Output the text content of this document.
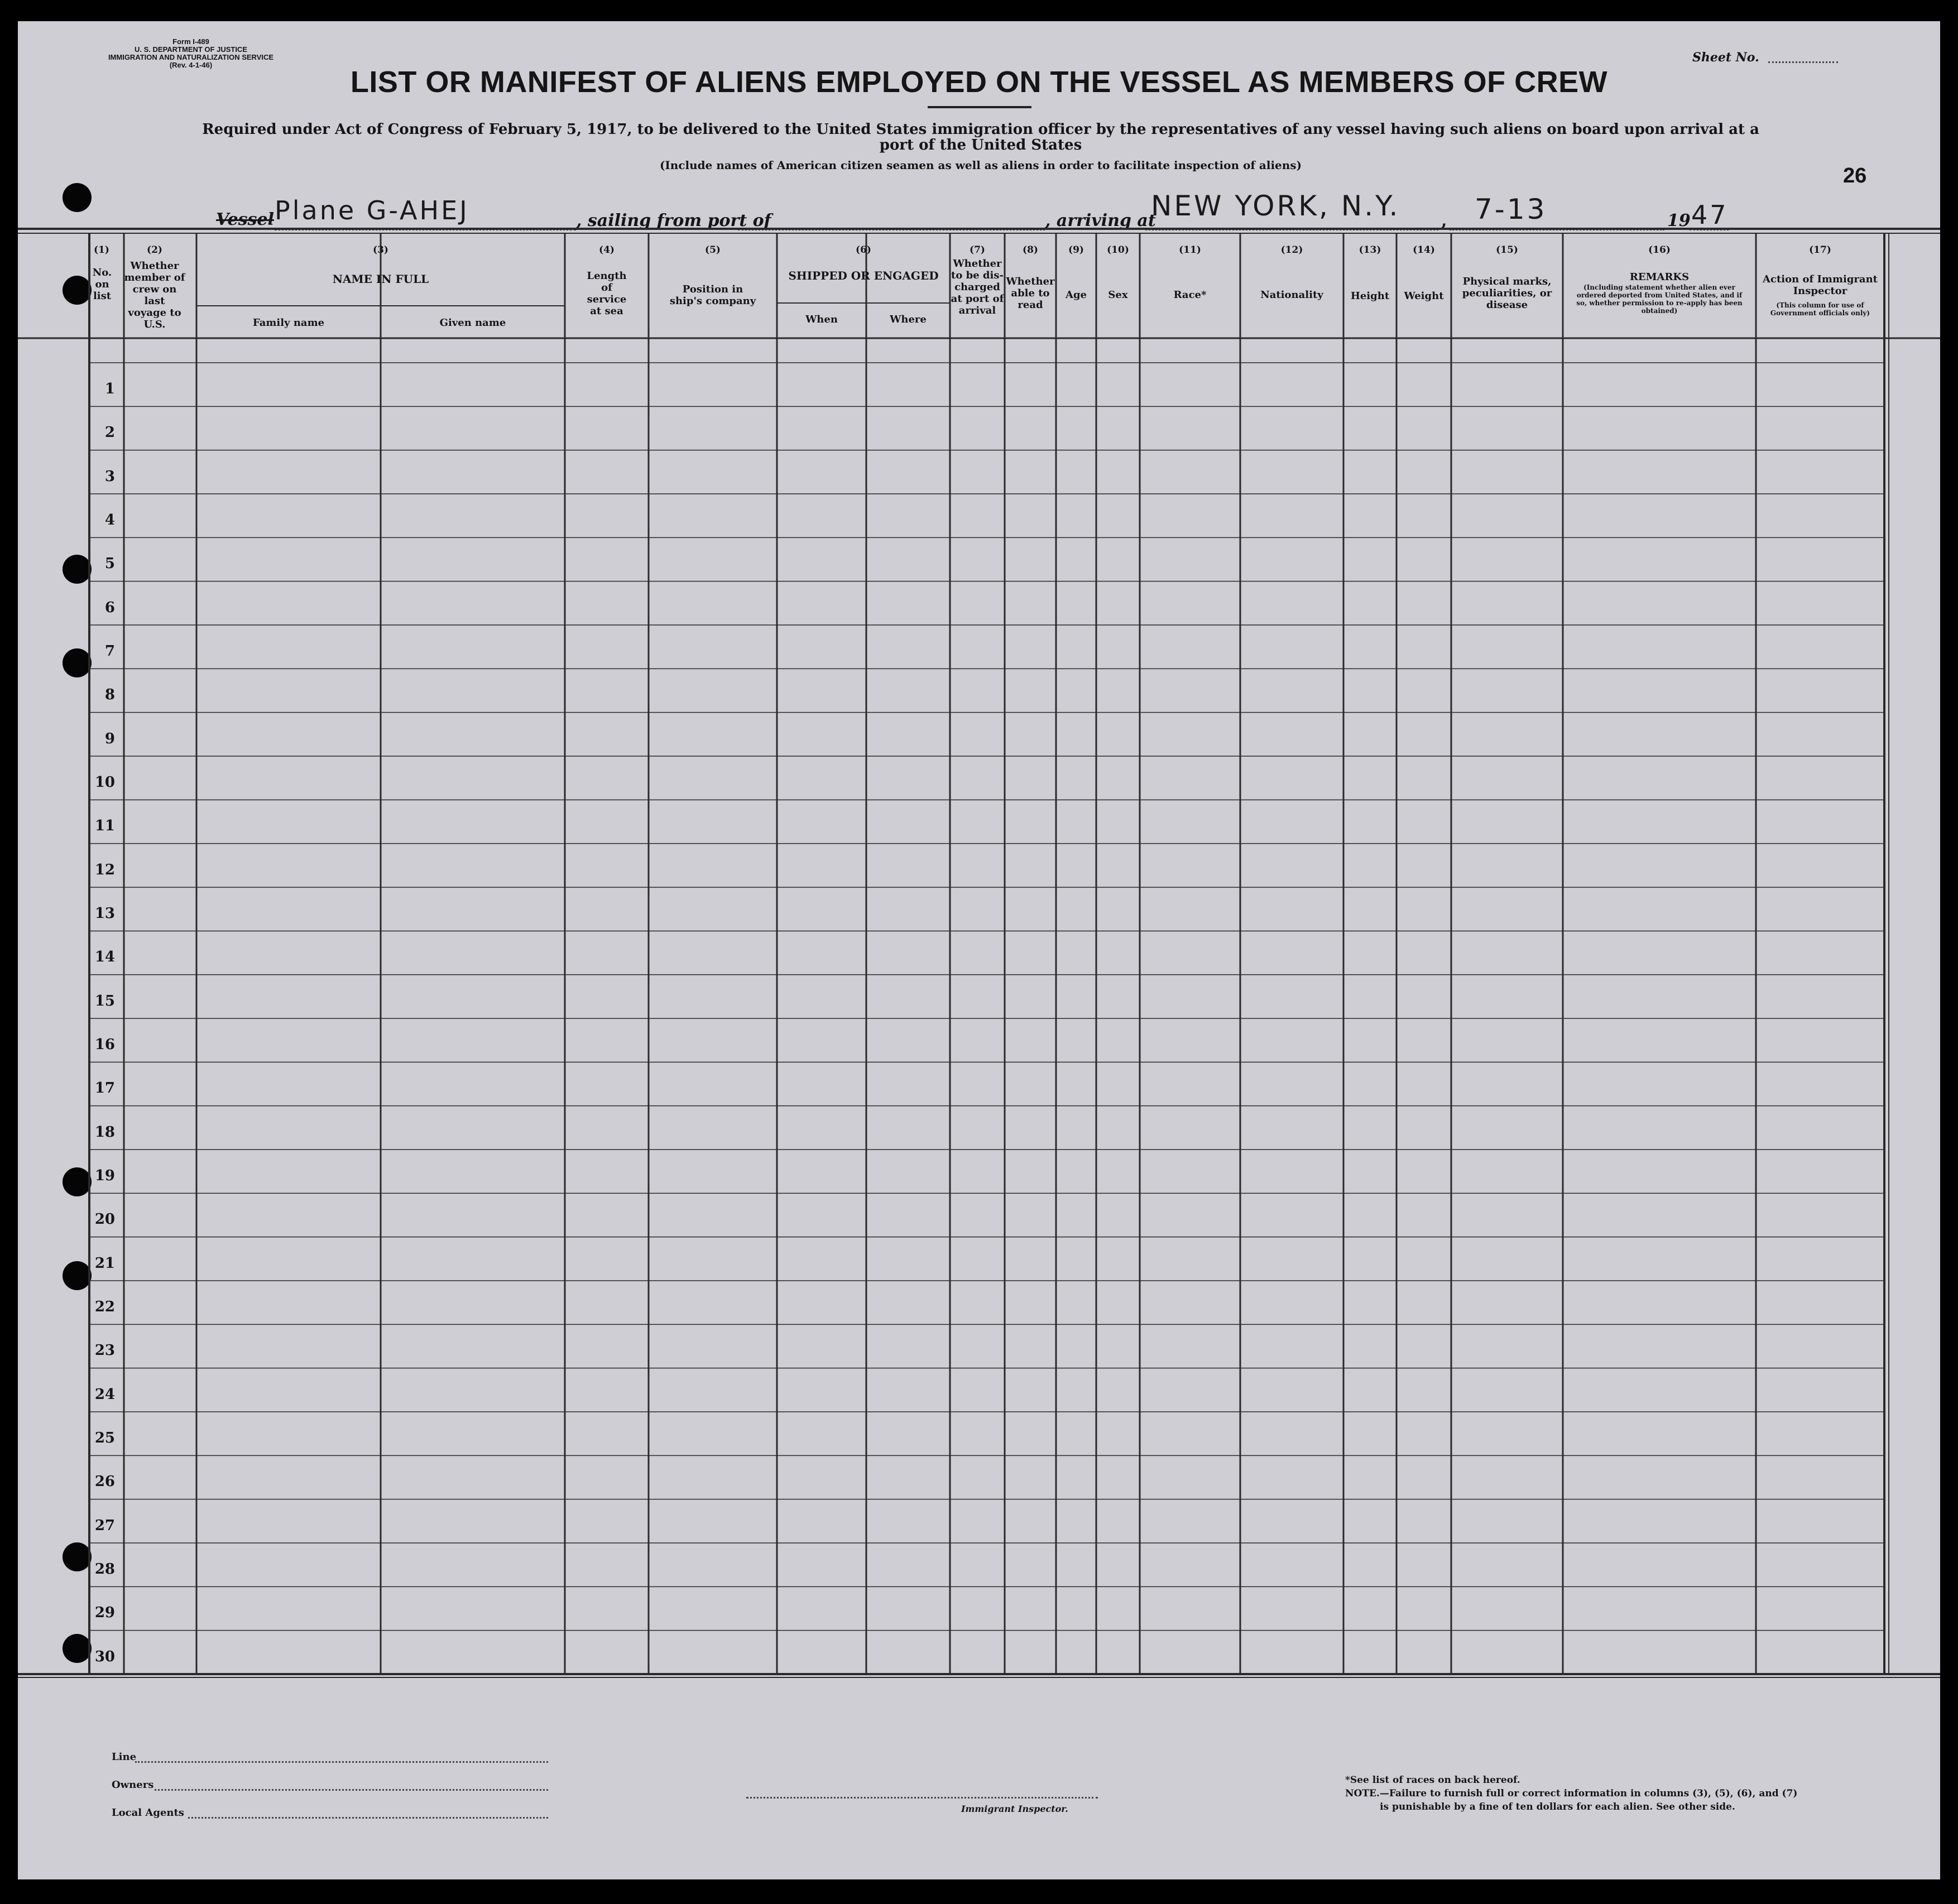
Form I-489
U. S. DEPARTMENT OF JUSTICE
IMMIGRATION AND NATURALIZATION SERVICE
(Rev. 4-1-46)
Sheet No.
LIST OR MANIFEST OF ALIENS EMPLOYED ON THE VESSEL AS MEMBERS OF CREW
Required under Act of Congress of February 5, 1917, to be delivered to the United States immigration officer by the representatives of any vessel having such aliens on board upon arrival at a
port of the United States
(Include names of American citizen seamen as well as aliens in order to facilitate inspection of aliens)	26
Vessel Plane G-AHEJ	, sailing from port of	, arriving at
NEW YORK, N.Y. , 7-13	19 47
(1)
No. on list
(2)
Whether member of crew on last voyage to U.S.
(3)
NAME IN FULL
Family name	Given name
(4)
Length of service at sea
(5)
Position in ship's company
(6)
SHIPPED OR ENGAGED
When	Where
(7)
Whether to be dis-charged at port of arrival
(8)
Whether able to read
(9)
Age
(10)
Sex
(11)
Race*
(12)
Nationality
(13)
Height
(14)
Weight
(15)
Physical marks, peculiarities, or disease
(16)
REMARKS
(Including statement whether alien ever ordered deported from United States, and if so, whether permission to re-apply has been obtained)
(17)
Action of Immigrant Inspector
(This column for use of Government officials only)
1
2
3
4
5
6
7
8
9
10
11
12
13
14
15
16
17
18
19
20
21
22
23
24
25
26
27
28
29
30
Line
Owners
Local Agents	Immigrant Inspector.
*See list of races on back hereof.
NOTE.—Failure to furnish full or correct information in columns (3), (5), (6), and (7)
is punishable by a fine of ten dollars for each alien. See other side.
